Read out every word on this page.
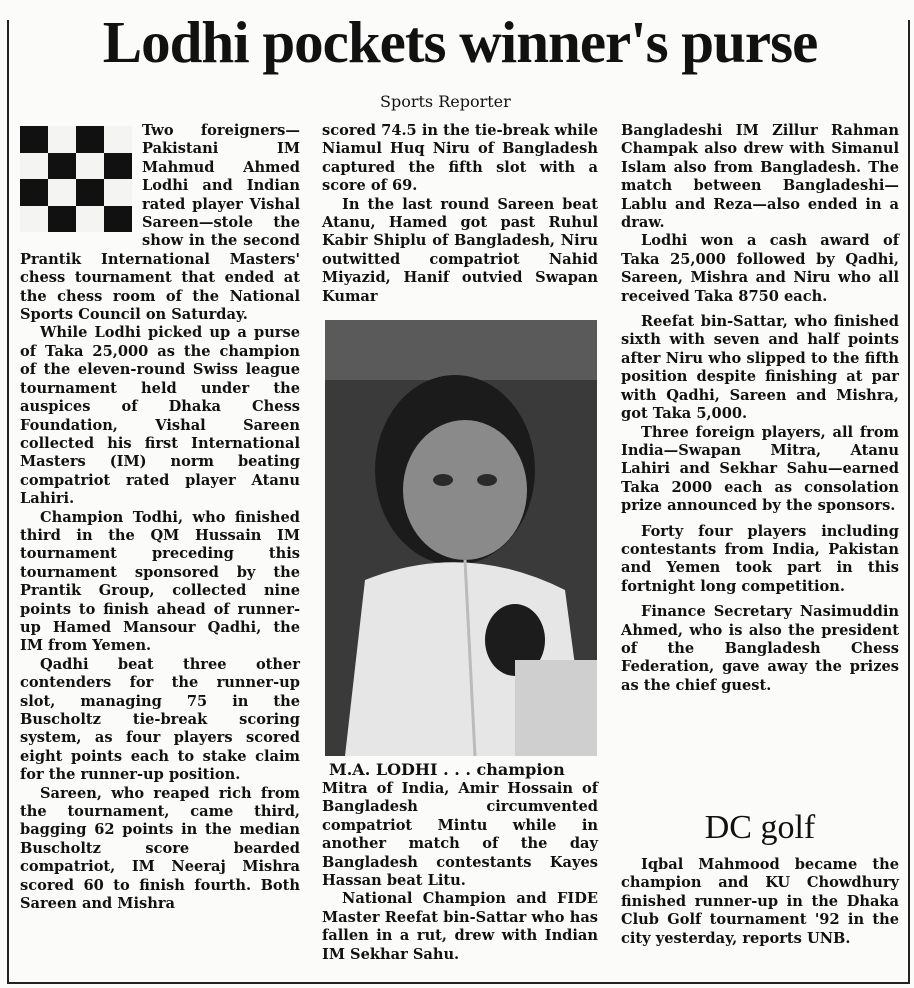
Lodhi pockets winner's purse
Sports Reporter

Two foreigners—Pakistani IM Mahmud Ahmed Lodhi and Indian rated player Vishal Sareen—stole the show in the second Prantik International Masters' chess tournament that ended at the chess room of the National Sports Council on Saturday.

While Lodhi picked up a purse of Taka 25,000 as the champion of the eleven-round Swiss league tournament held under the auspices of Dhaka Chess Foundation, Vishal Sareen collected his first International Masters (IM) norm beating compatriot rated player Atanu Lahiri.

Champion Todhi, who finished third in the QM Hussain IM tournament preceding this tournament sponsored by the Prantik Group, collected nine points to finish ahead of runner-up Hamed Mansour Qadhi, the IM from Yemen.

Qadhi beat three other contenders for the runner-up slot, managing 75 in the Buscholtz tie-break scoring system, as four players scored eight points each to stake claim for the runner-up position.

Sareen, who reaped rich from the tournament, came third, bagging 62 points in the median Buscholtz score bearded compatriot, IM Neeraj Mishra scored 60 to finish fourth. Both Sareen and Mishra

scored 74.5 in the tie-break while Niamul Huq Niru of Bangladesh captured the fifth slot with a score of 69.

In the last round Sareen beat Atanu, Hamed got past Ruhul Kabir Shiplu of Bangladesh, Niru outwitted compatriot Nahid Miyazid, Hanif outvied Swapan Kumar

M.A. LODHI . . . champion

Mitra of India, Amir Hossain of Bangladesh circumvented compatriot Mintu while in another match of the day Bangladesh contestants Kayes Hassan beat Litu.

National Champion and FIDE Master Reefat bin-Sattar who has fallen in a rut, drew with Indian IM Sekhar Sahu.

Bangladeshi IM Zillur Rahman Champak also drew with Simanul Islam also from Bangladesh. The match between Bangladeshi—Lablu and Reza—also ended in a draw.

Lodhi won a cash award of Taka 25,000 followed by Qadhi, Sareen, Mishra and Niru who all received Taka 8750 each.

Reefat bin-Sattar, who finished sixth with seven and half points after Niru who slipped to the fifth position despite finishing at par with Qadhi, Sareen and Mishra, got Taka 5,000.

Three foreign players, all from India—Swapan Mitra, Atanu Lahiri and Sekhar Sahu—earned Taka 2000 each as consolation prize announced by the sponsors.

Forty four players including contestants from India, Pakistan and Yemen took part in this fortnight long competition.

Finance Secretary Nasimuddin Ahmed, who is also the president of the Bangladesh Chess Federation, gave away the prizes as the chief guest.

DC golf

Iqbal Mahmood became the champion and KU Chowdhury finished runner-up in the Dhaka Club Golf tournament '92 in the city yesterday, reports UNB.
